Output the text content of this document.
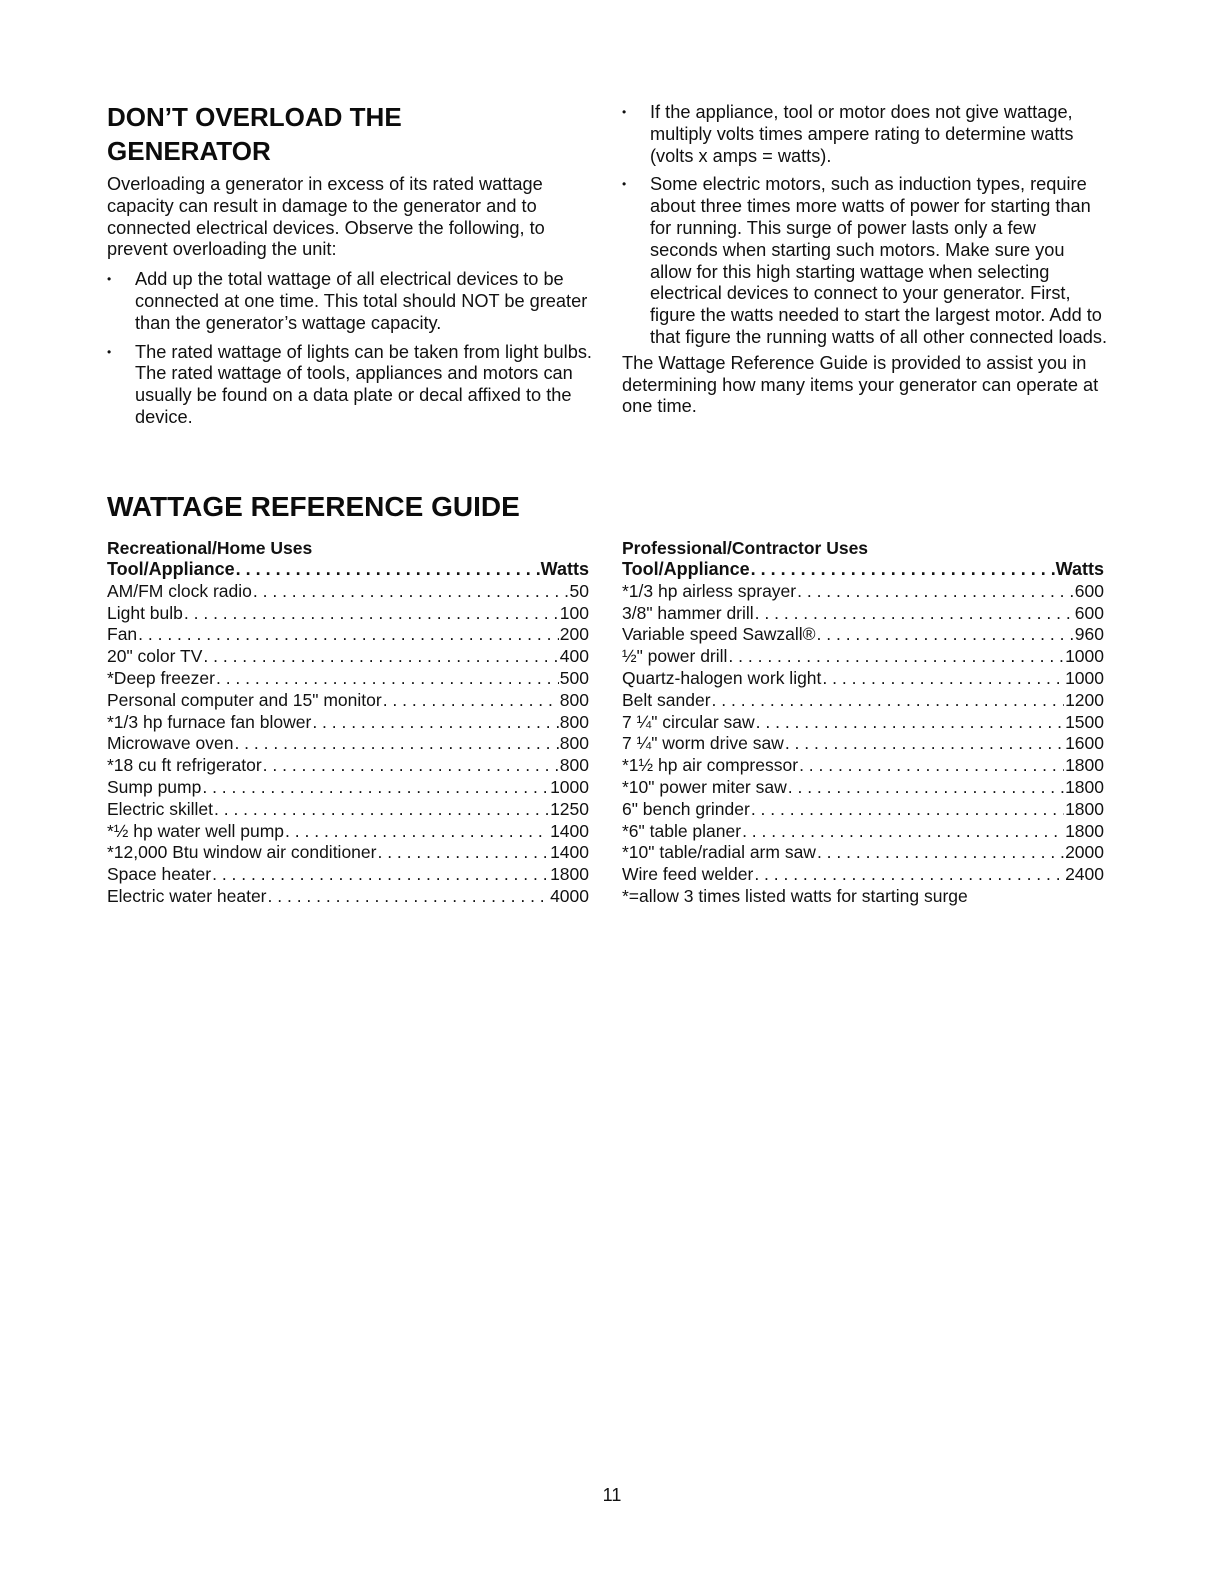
DON’T OVERLOAD THE
GENERATOR

Overloading a generator in excess of its rated wattage capacity can result in damage to the generator and to connected electrical devices. Observe the following, to prevent overloading the unit:

• Add up the total wattage of all electrical devices to be connected at one time. This total should NOT be greater than the generator’s wattage capacity.
• The rated wattage of lights can be taken from light bulbs. The rated wattage of tools, appliances and motors can usually be found on a data plate or decal affixed to the device.
• If the appliance, tool or motor does not give wattage, multiply volts times ampere rating to determine watts (volts x amps = watts).
• Some electric motors, such as induction types, require about three times more watts of power for starting than for running. This surge of power lasts only a few seconds when starting such motors. Make sure you allow for this high starting wattage when selecting electrical devices to connect to your generator. First, figure the watts needed to start the largest motor. Add to that figure the running watts of all other connected loads.

The Wattage Reference Guide is provided to assist you in determining how many items your generator can operate at one time.

WATTAGE REFERENCE GUIDE
Recreational/Home Uses
Tool/Appliance . . .	Watts
AM/FM clock radio . . .	50
Light bulb . . .	100
Fan . . .	200
20" color TV . . .	400
*Deep freezer . . .	500
Personal computer and 15" monitor . . .	800
*1/3 hp furnace fan blower . . .	800
Microwave oven . . .	800
*18 cu ft refrigerator . . .	800
Sump pump . . .	1000
Electric skillet . . .	1250
*½ hp water well pump . . .	1400
*12,000 Btu window air conditioner . . .	1400
Space heater . . .	1800
Electric water heater . . .	4000
Professional/Contractor Uses
Tool/Appliance . . .	Watts
*1/3 hp airless sprayer . . .	600
3/8" hammer drill . . .	600
Variable speed Sawzall® . . .	960
½" power drill . . .	1000
Quartz-halogen work light . . .	1000
Belt sander . . .	1200
7 ¼" circular saw . . .	1500
7 ¼" worm drive saw . . .	1600
*1½ hp air compressor . . .	1800
*10" power miter saw . . .	1800
6" bench grinder . . .	1800
*6" table planer . . .	1800
*10" table/radial arm saw . . .	2000
Wire feed welder . . .	2400
*=allow 3 times listed watts for starting surge
11
